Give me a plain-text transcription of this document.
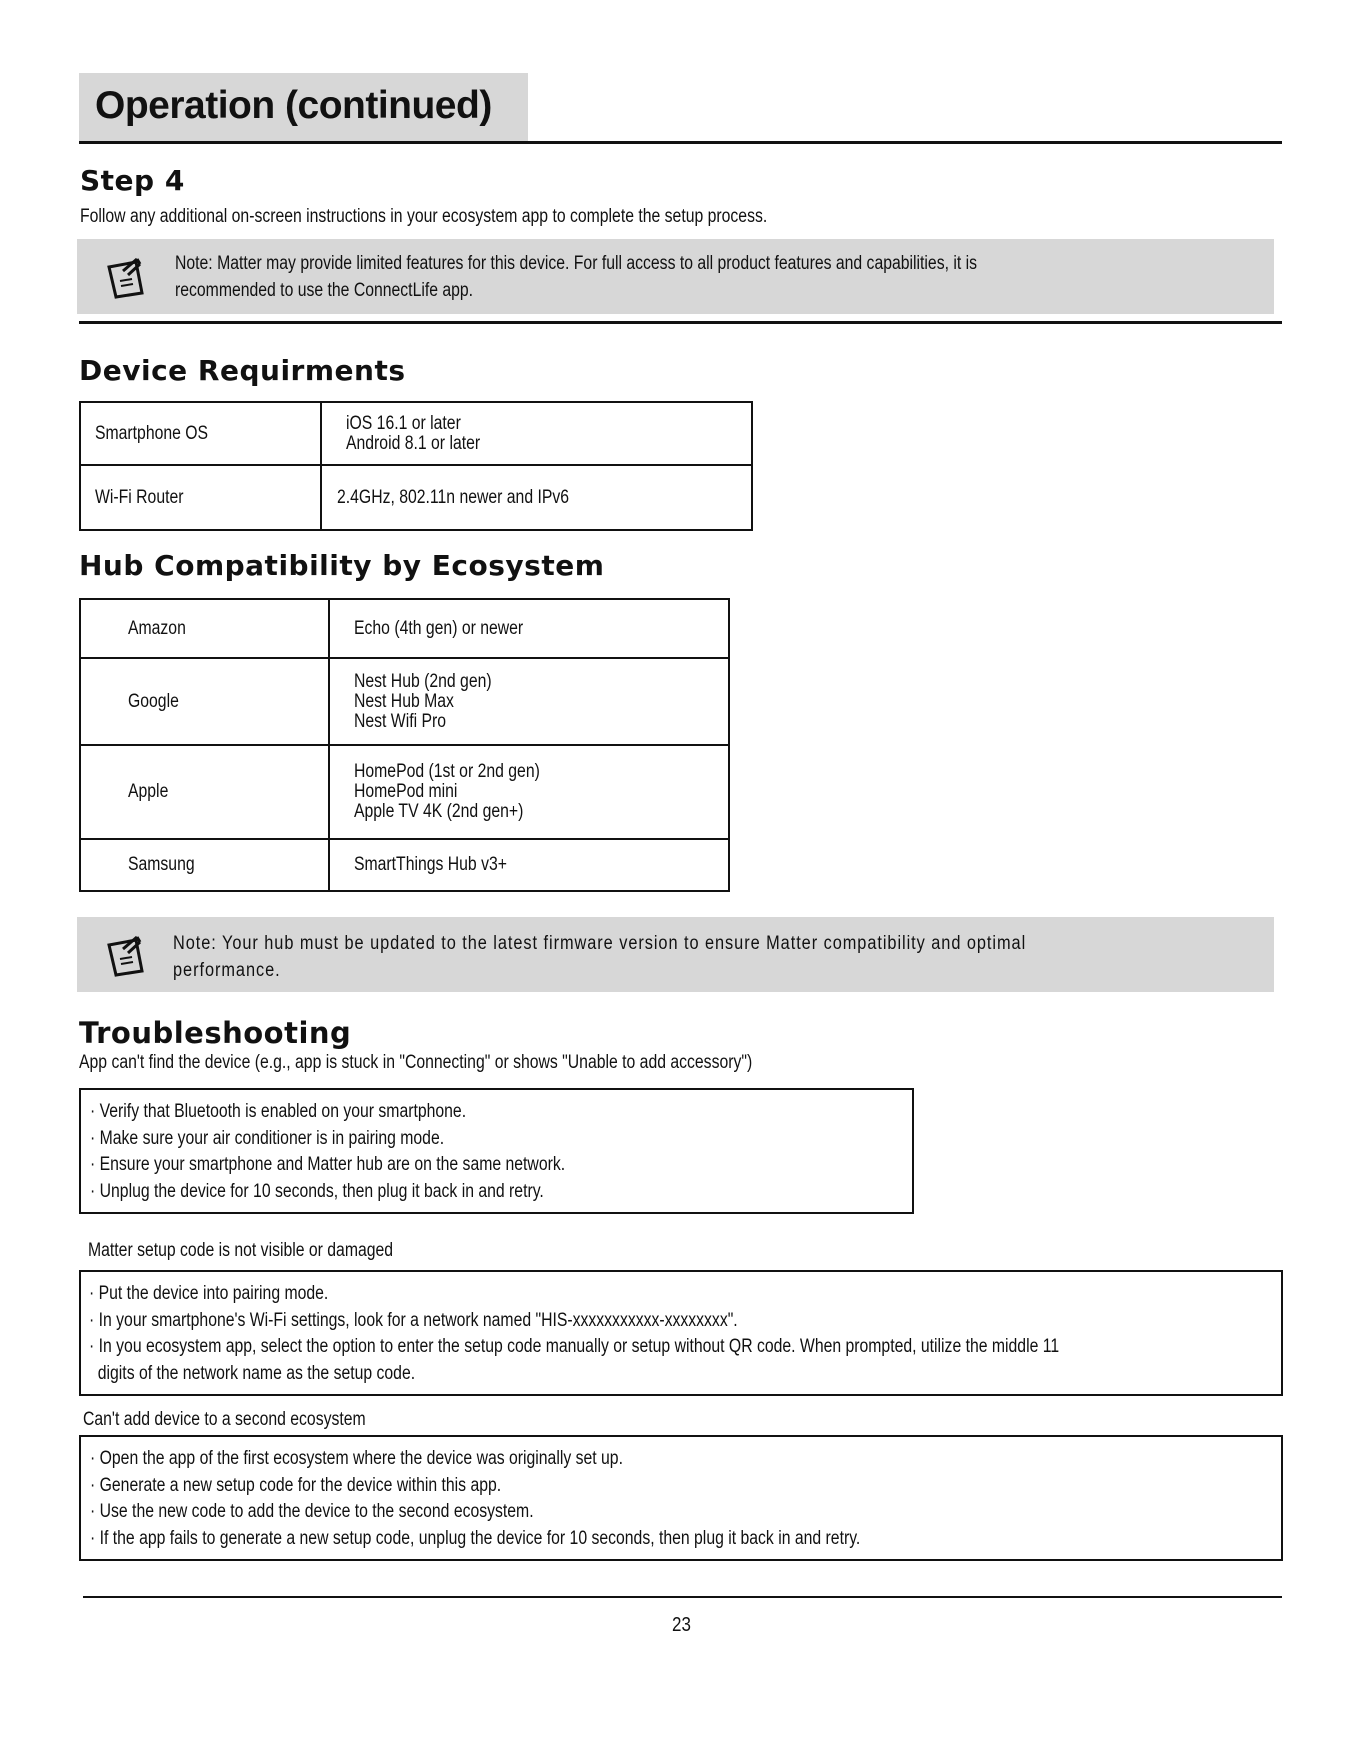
Operation (continued)
Step 4
Follow any additional on-screen instructions in your ecosystem app to complete the setup process.
Note: Matter may provide limited features for this device. For full access to all product features and capabilities, it is
recommended to use the ConnectLife app.
Device Requirments
Smartphone OS	iOS 16.1 or later
Android 8.1 or later

Wi-Fi Router	2.4GHz, 802.11n newer and IPv6
Hub Compatibility by Ecosystem
Amazon	Echo (4th gen) or newer
Google	Nest Hub (2nd gen)
Nest Hub Max
Nest Wifi Pro

Apple	HomePod (1st or 2nd gen)
HomePod mini
Apple TV 4K (2nd gen+)

Samsung	SmartThings Hub v3+
Note: Your hub must be updated to the latest firmware version to ensure Matter compatibility and optimal
performance.
Troubleshooting
App can't find the device (e.g., app is stuck in "Connecting" or shows "Unable to add accessory")
· Verify that Bluetooth is enabled on your smartphone.
· Make sure your air conditioner is in pairing mode.
· Ensure your smartphone and Matter hub are on the same network.
· Unplug the device for 10 seconds, then plug it back in and retry.
Matter setup code is not visible or damaged
· Put the device into pairing mode.
· In your smartphone's Wi-Fi settings, look for a network named "HIS-xxxxxxxxxxx-xxxxxxxx".
· In you ecosystem app, select the option to enter the setup code manually or setup without QR code. When prompted, utilize the middle 11
digits of the network name as the setup code.
Can't add device to a second ecosystem
· Open the app of the first ecosystem where the device was originally set up.
· Generate a new setup code for the device within this app.
· Use the new code to add the device to the second ecosystem.
· If the app fails to generate a new setup code, unplug the device for 10 seconds, then plug it back in and retry.
23
